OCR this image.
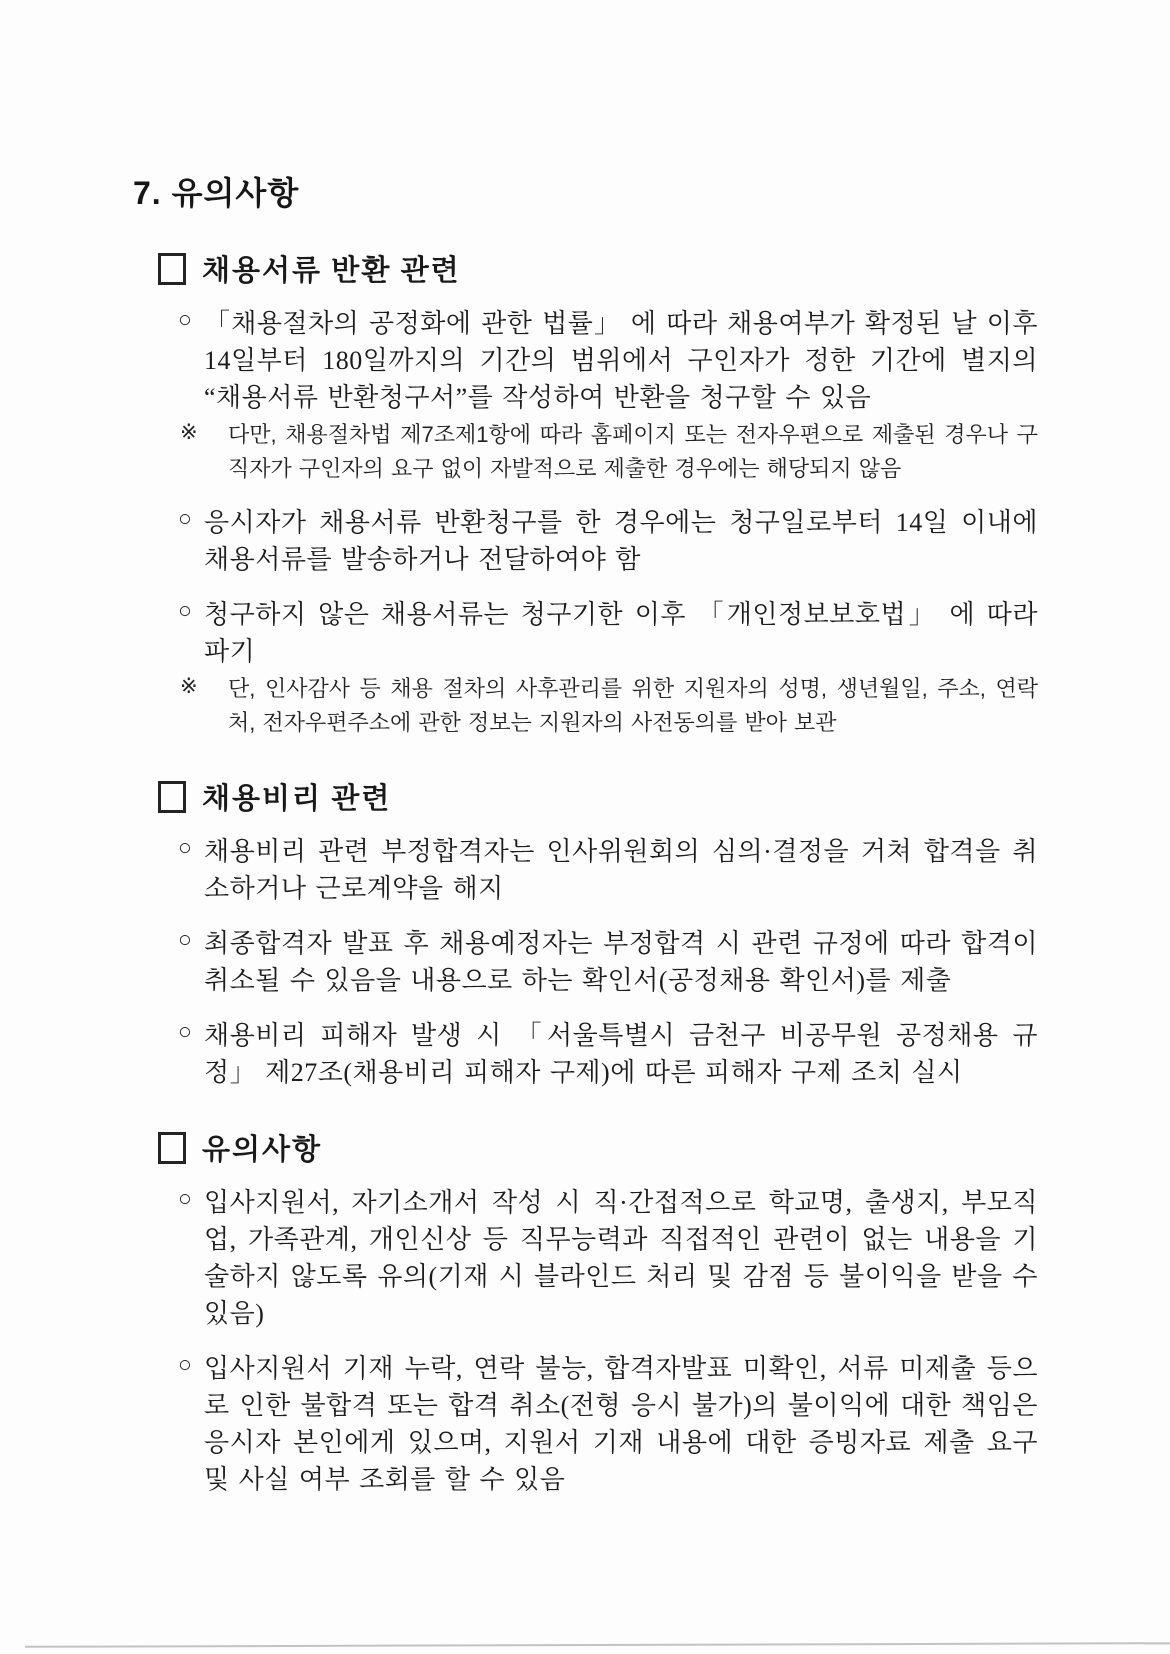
7. 유의사항
채용서류 반환 관련
○ 「채용절차의 공정화에 관한 법률」 에 따라 채용여부가 확정된 날 이후 14일부터 180일까지의 기간의 범위에서 구인자가 정한 기간에 별지의 “채용서류 반환청구서”를 작성하여 반환을 청구할 수 있음

※ 다만, 채용절차법 제7조제1항에 따라 홈페이지 또는 전자우편으로 제출된 경우나 구직자가 구인자의 요구 없이 자발적으로 제출한 경우에는 해당되지 않음

○ 응시자가 채용서류 반환청구를 한 경우에는 청구일로부터 14일 이내에 채용서류를 발송하거나 전달하여야 함

○ 청구하지 않은 채용서류는 청구기한 이후 「개인정보보호법」 에 따라 파기

※ 단, 인사감사 등 채용 절차의 사후관리를 위한 지원자의 성명, 생년월일, 주소, 연락처, 전자우편주소에 관한 정보는 지원자의 사전동의를 받아 보관

채용비리 관련
○ 채용비리 관련 부정합격자는 인사위원회의 심의·결정을 거쳐 합격을 취소하거나 근로계약을 해지

○ 최종합격자 발표 후 채용예정자는 부정합격 시 관련 규정에 따라 합격이 취소될 수 있음을 내용으로 하는 확인서(공정채용 확인서)를 제출

○ 채용비리 피해자 발생 시 「서울특별시 금천구 비공무원 공정채용 규정」 제27조(채용비리 피해자 구제)에 따른 피해자 구제 조치 실시

유의사항
○ 입사지원서, 자기소개서 작성 시 직·간접적으로 학교명, 출생지, 부모직업, 가족관계, 개인신상 등 직무능력과 직접적인 관련이 없는 내용을 기술하지 않도록 유의(기재 시 블라인드 처리 및 감점 등 불이익을 받을 수 있음)

○ 입사지원서 기재 누락, 연락 불능, 합격자발표 미확인, 서류 미제출 등으로 인한 불합격 또는 합격 취소(전형 응시 불가)의 불이익에 대한 책임은 응시자 본인에게 있으며, 지원서 기재 내용에 대한 증빙자료 제출 요구 및 사실 여부 조회를 할 수 있음
